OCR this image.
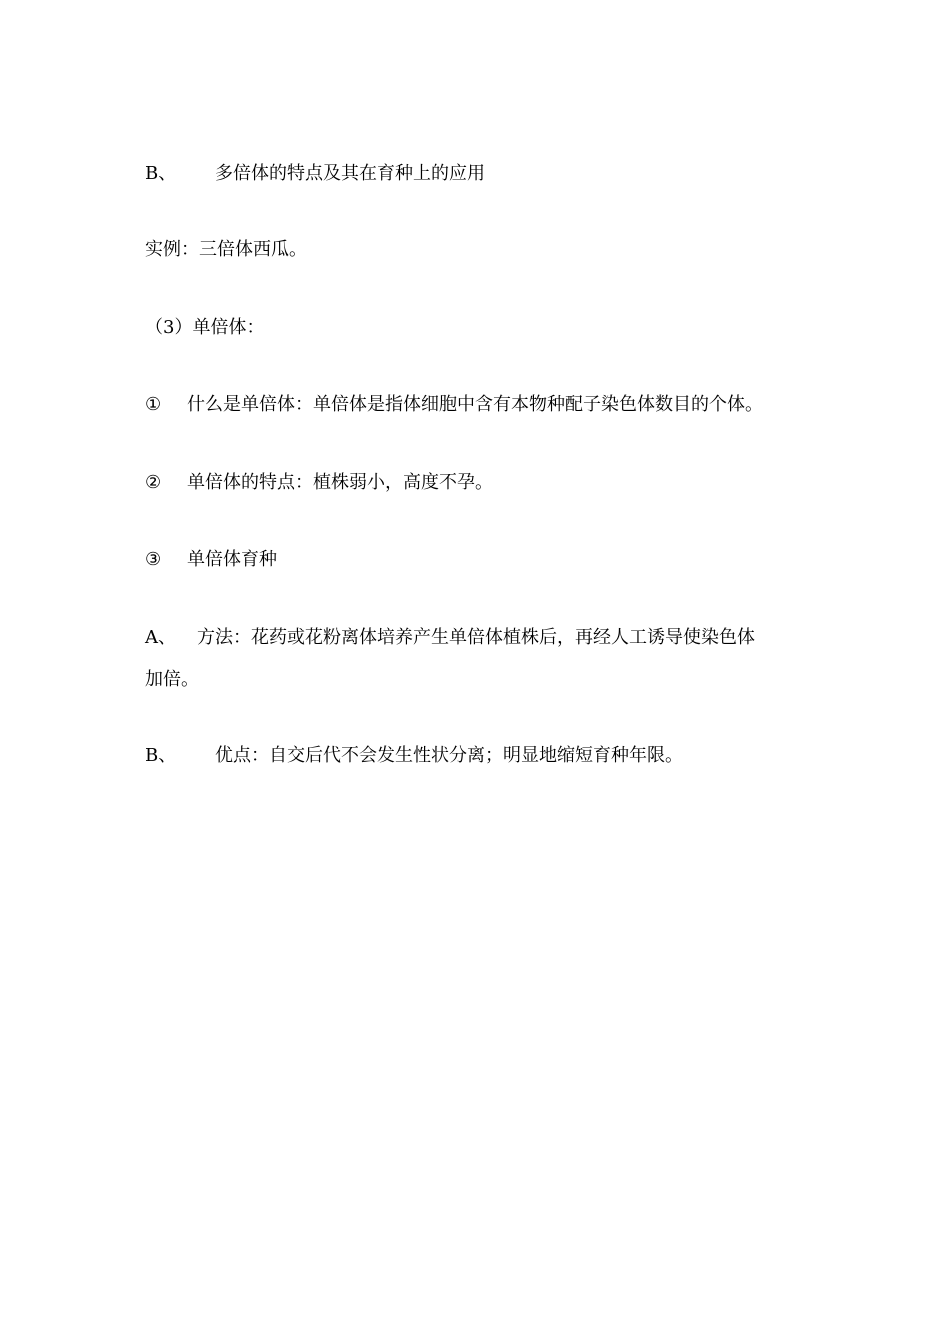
B、 多倍体的特点及其在育种上的应用
实例：三倍体西瓜。
（3）单倍体：
① 什么是单倍体：单倍体是指体细胞中含有本物种配子染色体数目的个体。
② 单倍体的特点：植株弱小，高度不孕。
③ 单倍体育种
A、 方法：花药或花粉离体培养产生单倍体植株后，再经人工诱导使染色体
加倍。
B、 优点：自交后代不会发生性状分离；明显地缩短育种年限。
